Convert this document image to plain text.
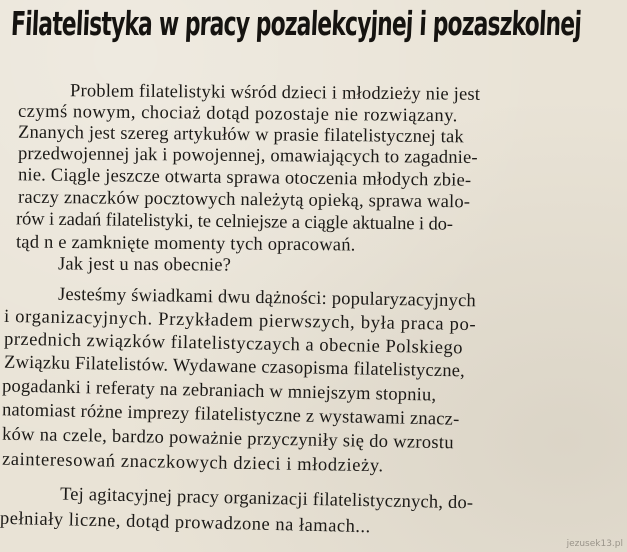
Filatelistyka w pracy pozalekcyjnej i pozaszkolnej
Problem filatelistyki wśród dzieci i młodzieży nie jest
czymś nowym, chociaż dotąd pozostaje nie rozwiązany.
Znanych jest szereg artykułów w prasie filatelistycznej tak
przedwojennej jak i powojennej, omawiających to zagadnie-
nie. Ciągle jeszcze otwarta sprawa otoczenia młodych zbie-
raczy znaczków pocztowych należytą opieką, sprawa walo-
rów i zadań filatelistyki, te celniejsze a ciągle aktualne i do-
tąd n e zamknięte momenty tych opracowań.
Jak jest u nas obecnie?
Jesteśmy świadkami dwu dążności: popularyzacyjnych
i organizacyjnych. Przykładem pierwszych, była praca po-
przednich związków filatelistyczaych a obecnie Polskiego
Związku Filatelistów. Wydawane czasopisma filatelistyczne,
pogadanki i referaty na zebraniach w mniejszym stopniu,
natomiast różne imprezy filatelistyczne z wystawami znacz-
ków na czele, bardzo poważnie przyczyniły się do wzrostu
zainteresowań znaczkowych dzieci i młodzieży.
Tej agitacyjnej pracy organizacji filatelistycznych, do-
pełniały liczne, dotąd prowadzone na łamach...
jezusek13.pl
